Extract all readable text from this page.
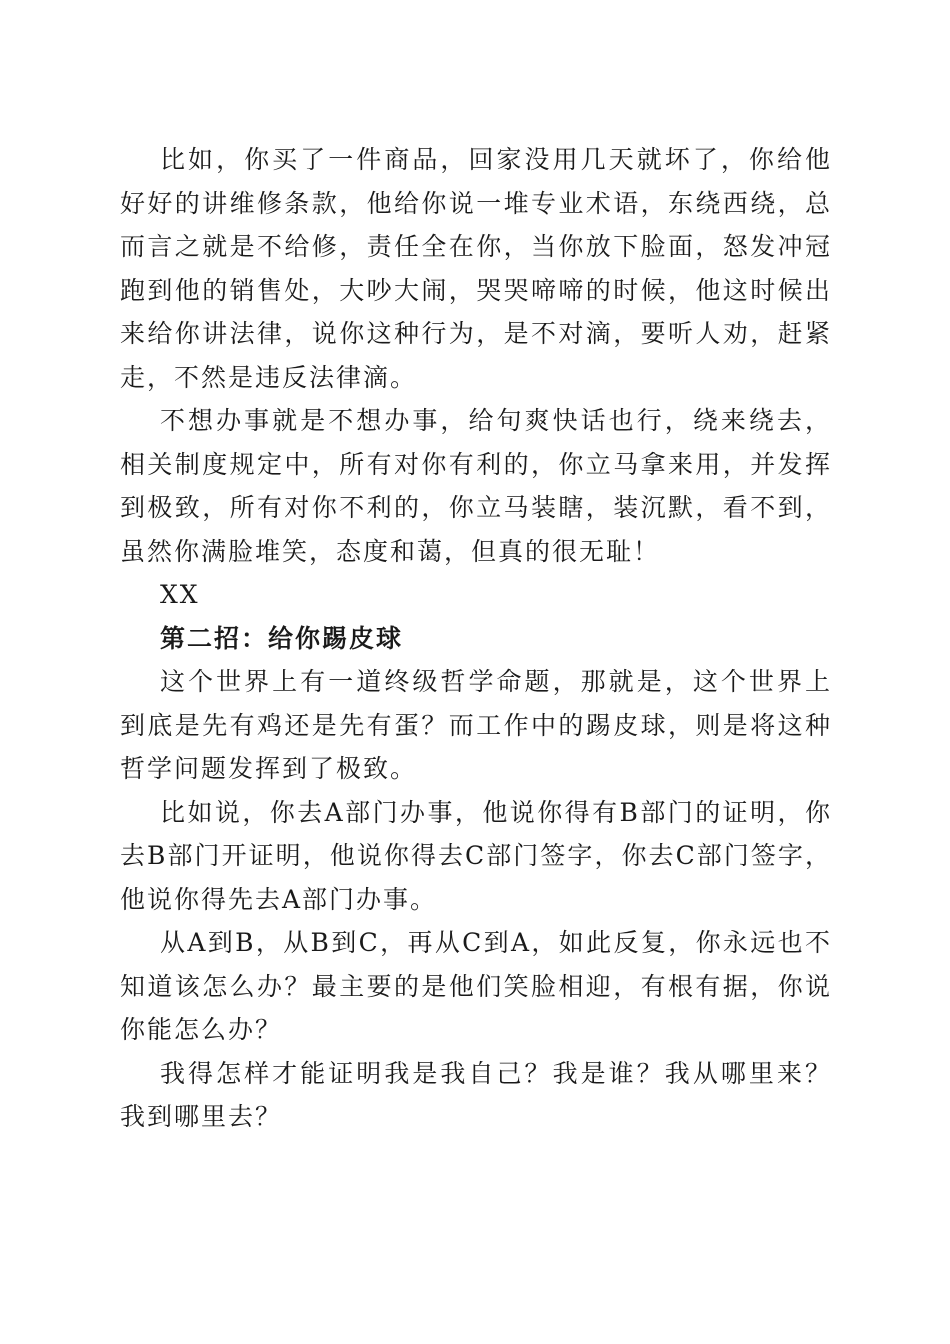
比如，你买了一件商品，回家没用几天就坏了，你给他好好的讲维修条款，他给你说一堆专业术语，东绕西绕，总而言之就是不给修，责任全在你，当你放下脸面，怒发冲冠跑到他的销售处，大吵大闹，哭哭啼啼的时候，他这时候出来给你讲法律，说你这种行为，是不对滴，要听人劝，赶紧走，不然是违反法律滴。

不想办事就是不想办事，给句爽快话也行，绕来绕去，相关制度规定中，所有对你有利的，你立马拿来用，并发挥到极致，所有对你不利的，你立马装瞎，装沉默，看不到，虽然你满脸堆笑，态度和蔼，但真的很无耻！

XX

第二招：给你踢皮球

这个世界上有一道终级哲学命题，那就是，这个世界上到底是先有鸡还是先有蛋？而工作中的踢皮球，则是将这种哲学问题发挥到了极致。

比如说，你去A部门办事，他说你得有B部门的证明，你去B部门开证明，他说你得去C部门签字，你去C部门签字，他说你得先去A部门办事。

从A到B，从B到C，再从C到A，如此反复，你永远也不知道该怎么办？最主要的是他们笑脸相迎，有根有据，你说你能怎么办？

我得怎样才能证明我是我自己？我是谁？我从哪里来？我到哪里去？
